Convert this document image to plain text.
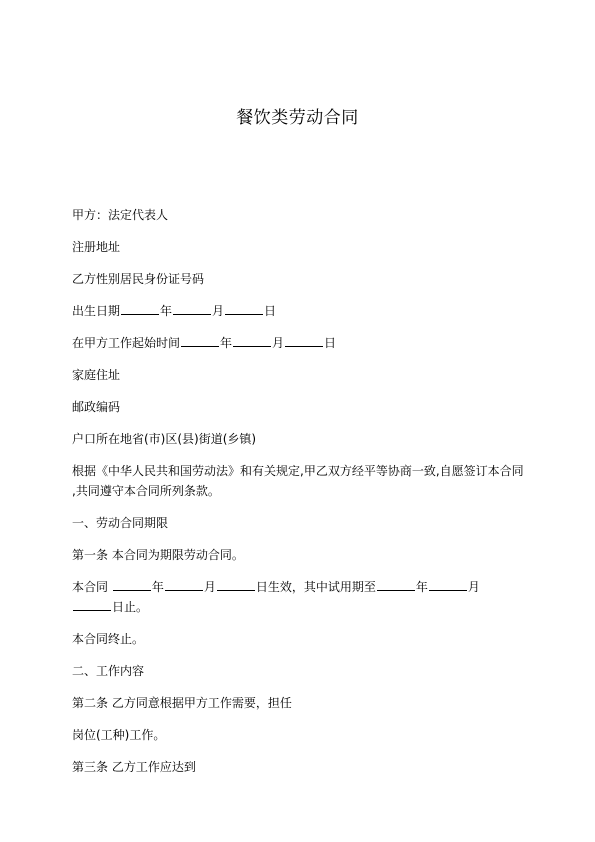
餐饮类劳动合同

甲方：法定代表人

注册地址

乙方性别居民身份证号码

出生日期	年	月	日

在甲方工作起始时间	年	月	日

家庭住址

邮政编码

户口所在地省(市)区(县)街道(乡镇)

根据《中华人民共和国劳动法》和有关规定,甲乙双方经平等协商一致,自愿签订本合同

,共同遵守本合同所列条款。

一、劳动合同期限

第一条 本合同为期限劳动合同。

本合同	年	月	日生效，其中试用期至	年	月

日止。

本合同终止。

二、工作内容

第二条 乙方同意根据甲方工作需要，担任

岗位(工种)工作。

第三条 乙方工作应达到
